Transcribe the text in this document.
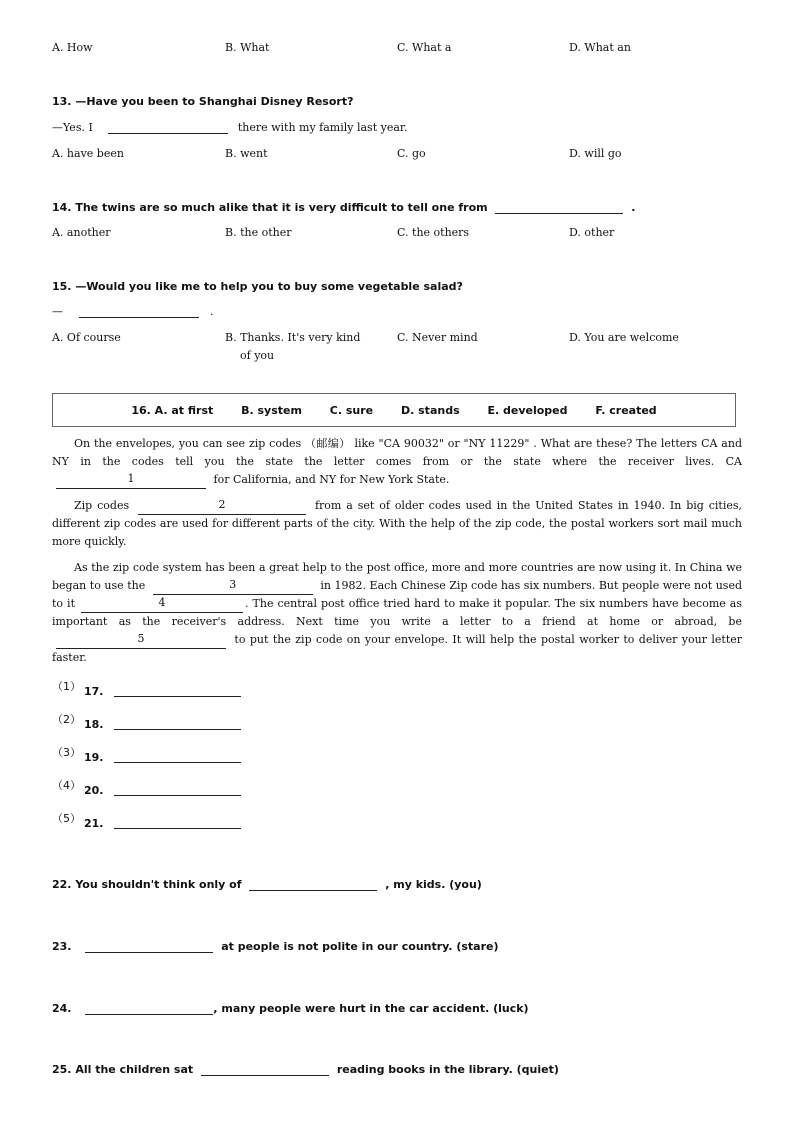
A. How	B. What	C. What a	D. What an
13. —Have you been to Shanghai Disney Resort?
—Yes. I	there with my family last year.
A. have been	B. went	C. go	D. will go
14. The twins are so much alike that it is very difficult to tell one from	.
A. another	B. the other	C. the others	D. other
15. —Would you like me to help you to buy some vegetable salad?
—	.
A. Of course	B. Thanks. It's very kind
of you
C. Never mind	D. You are welcome
16. A. at first	B. system	C. sure	D. stands	E. developed	F. created
On the envelopes, you can see zip codes （邮编） like "CA 90032" or "NY 11229" . What are these? The letters CA and NY in the codes tell you the state the letter comes from or the state where the receiver lives. CA
1	for California, and NY for New York State.
Zip codes	2	from a set of older codes used in the United States in 1940. In big cities, different zip codes are used for different parts of the city. With the help of the zip code, the postal workers sort mail much more quickly.
As the zip code system has been a great help to the post office, more and more countries are now using it. In China we began to use the	3	in 1982. Each Chinese Zip code has six numbers. But people were not used to it	4	. The central post office tried hard to make it popular. The six numbers have become as important as the receiver's address. Next time you write a letter to a friend at home or abroad, be
5	to put the zip code on your envelope. It will help the postal worker to deliver your letter faster.
（1） 17.
（2） 18.
（3） 19.
（4） 20.
（5） 21.
22. You shouldn't think only of	, my kids. (you)
23.	at people is not polite in our country. (stare)
24.	, many people were hurt in the car accident. (luck)
25. All the children sat	reading books in the library. (quiet)
